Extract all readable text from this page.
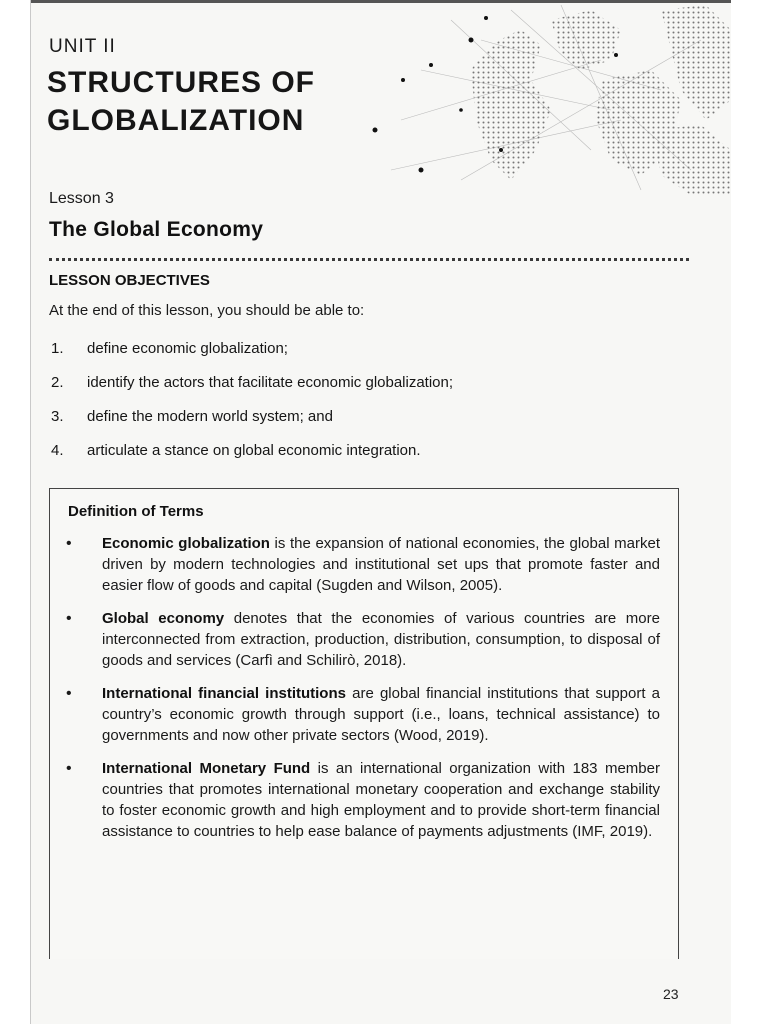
UNIT II
STRUCTURES OF
GLOBALIZATION
Lesson 3
The Global Economy
LESSON OBJECTIVES
At the end of this lesson, you should be able to:
1. define economic globalization;
2. identify the actors that facilitate economic globalization;
3. define the modern world system; and
4. articulate a stance on global economic integration.
Definition of Terms
• Economic globalization is the expansion of national economies, the global market driven by modern technologies and institutional set ups that promote faster and easier flow of goods and capital (Sugden and Wilson, 2005).
• Global economy denotes that the economies of various countries are more interconnected from extraction, production, distribution, consumption, to disposal of goods and services (Carfì and Schilirò, 2018).
• International financial institutions are global financial institutions that support a country’s economic growth through support (i.e., loans, technical assistance) to governments and now other private sectors (Wood, 2019).
• International Monetary Fund is an international organization with 183 member countries that promotes international monetary cooperation and exchange stability to foster economic growth and high employment and to provide short-term financial assistance to countries to help ease balance of payments adjustments (IMF, 2019).
23
